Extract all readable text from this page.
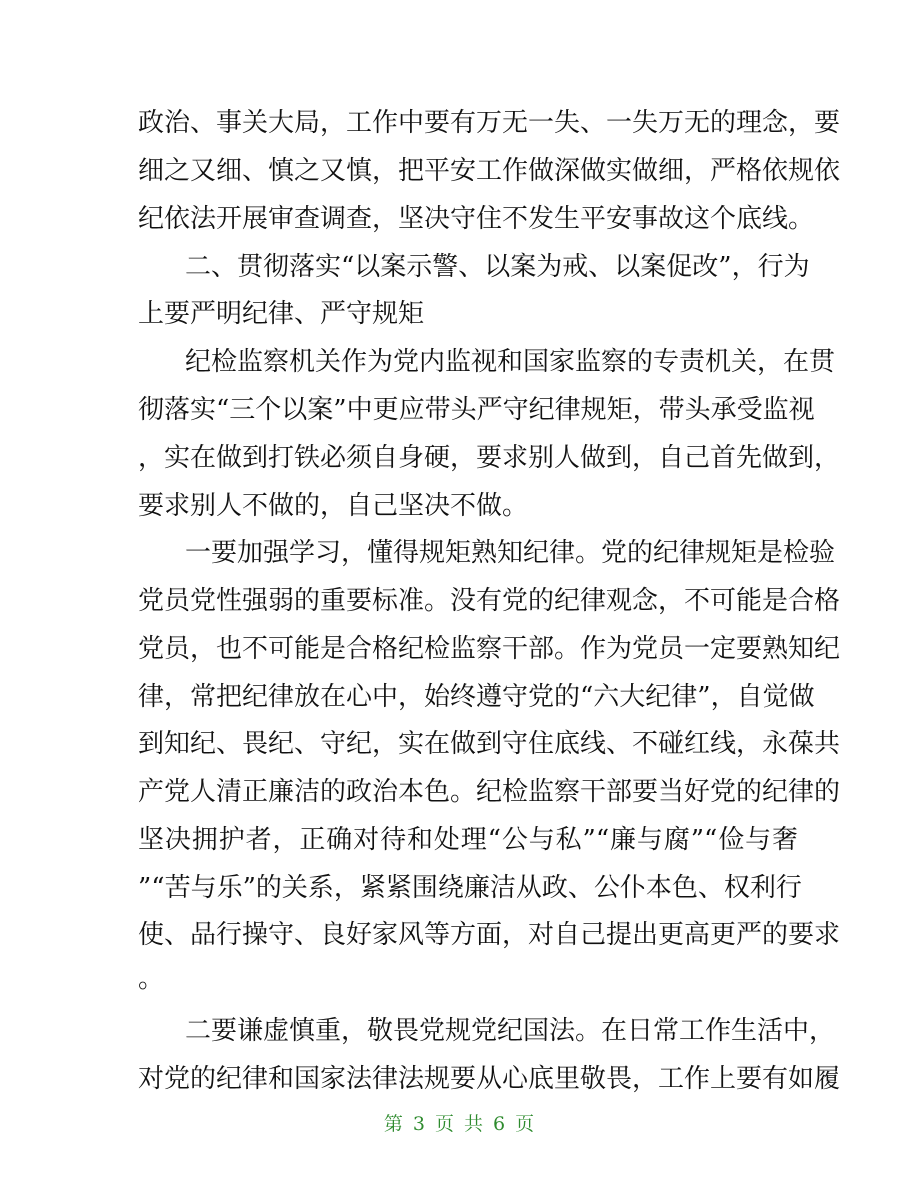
政治、事关大局，工作中要有万无一失、一失万无的理念，要
细之又细、慎之又慎，把平安工作做深做实做细，严格依规依
纪依法开展审查调查，坚决守住不发生平安事故这个底线。
二、贯彻落实“以案示警、以案为戒、以案促改”，行为
上要严明纪律、严守规矩
纪检监察机关作为党内监视和国家监察的专责机关，在贯
彻落实“三个以案”中更应带头严守纪律规矩，带头承受监视
，实在做到打铁必须自身硬，要求别人做到，自己首先做到，
要求别人不做的，自己坚决不做。
一要加强学习，懂得规矩熟知纪律。党的纪律规矩是检验
党员党性强弱的重要标准。没有党的纪律观念，不可能是合格
党员，也不可能是合格纪检监察干部。作为党员一定要熟知纪
律，常把纪律放在心中，始终遵守党的“六大纪律”，自觉做
到知纪、畏纪、守纪，实在做到守住底线、不碰红线，永葆共
产党人清正廉洁的政治本色。纪检监察干部要当好党的纪律的
坚决拥护者，正确对待和处理“公与私”“廉与腐”“俭与奢
”“苦与乐”的关系，紧紧围绕廉洁从政、公仆本色、权利行
使、品行操守、良好家风等方面，对自己提出更高更严的要求
。
二要谦虚慎重，敬畏党规党纪国法。在日常工作生活中，
对党的纪律和国家法律法规要从心底里敬畏，工作上要有如履
第 3 页 共 6 页
